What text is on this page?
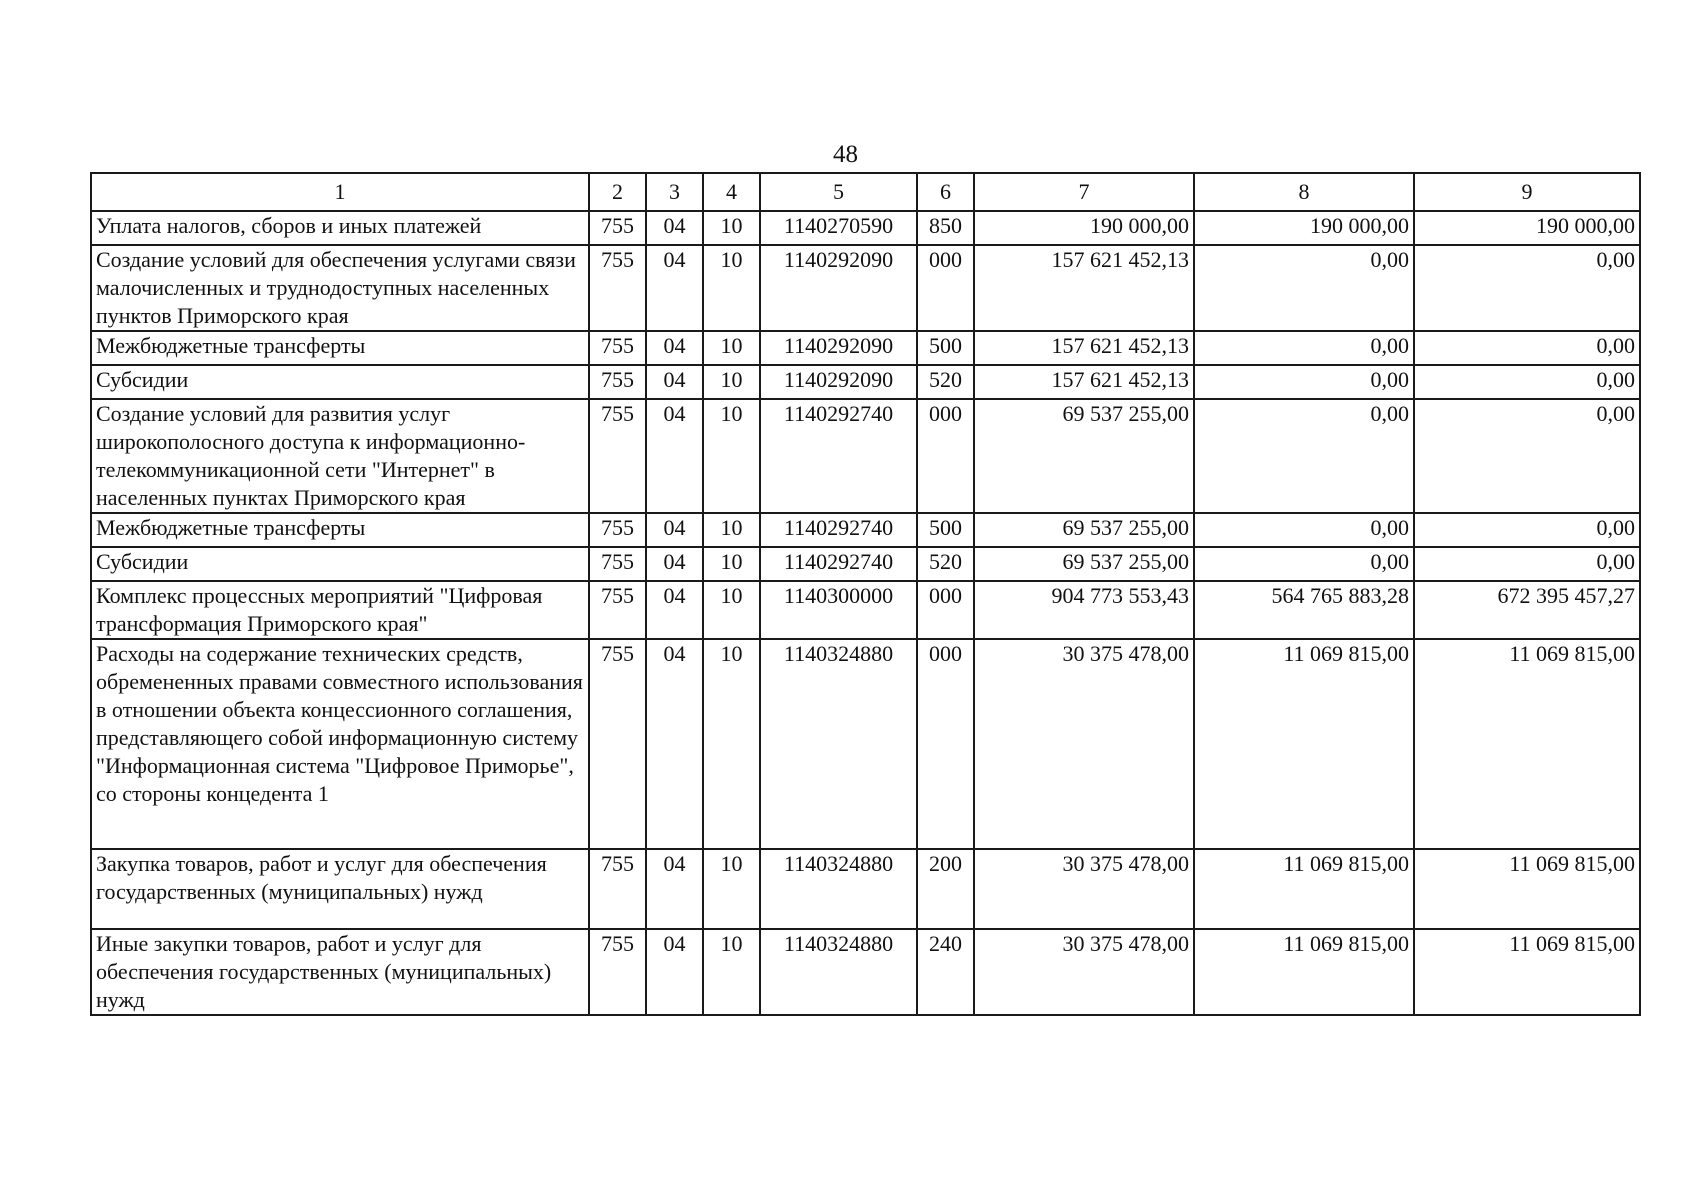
48
1	2	3	4	5	6	7	8	9
Уплата налогов, сборов и иных платежей	755	04	10	1140270590	850	190 000,00	190 000,00	190 000,00
Создание условий для обеспечения услугами связи малочисленных и труднодоступных населенных пунктов Приморского края	755	04	10	1140292090	000	157 621 452,13	0,00	0,00
Межбюджетные трансферты	755	04	10	1140292090	500	157 621 452,13	0,00	0,00
Субсидии	755	04	10	1140292090	520	157 621 452,13	0,00	0,00
Создание условий для развития услуг широкополосного доступа к информационно-телекоммуникационной сети "Интернет" в населенных пунктах Приморского края	755	04	10	1140292740	000	69 537 255,00	0,00	0,00
Межбюджетные трансферты	755	04	10	1140292740	500	69 537 255,00	0,00	0,00
Субсидии	755	04	10	1140292740	520	69 537 255,00	0,00	0,00
Комплекс процессных мероприятий "Цифровая трансформация Приморского края"	755	04	10	1140300000	000	904 773 553,43	564 765 883,28	672 395 457,27
Расходы на содержание технических средств, обремененных правами совместного использования в отношении объекта концессионного соглашения, представляющего собой информационную систему "Информационная система "Цифровое Приморье", со стороны концедента 1	755	04	10	1140324880	000	30 375 478,00	11 069 815,00	11 069 815,00
Закупка товаров, работ и услуг для обеспечения государственных (муниципальных) нужд	755	04	10	1140324880	200	30 375 478,00	11 069 815,00	11 069 815,00
Иные закупки товаров, работ и услуг для обеспечения государственных (муниципальных) нужд	755	04	10	1140324880	240	30 375 478,00	11 069 815,00	11 069 815,00
